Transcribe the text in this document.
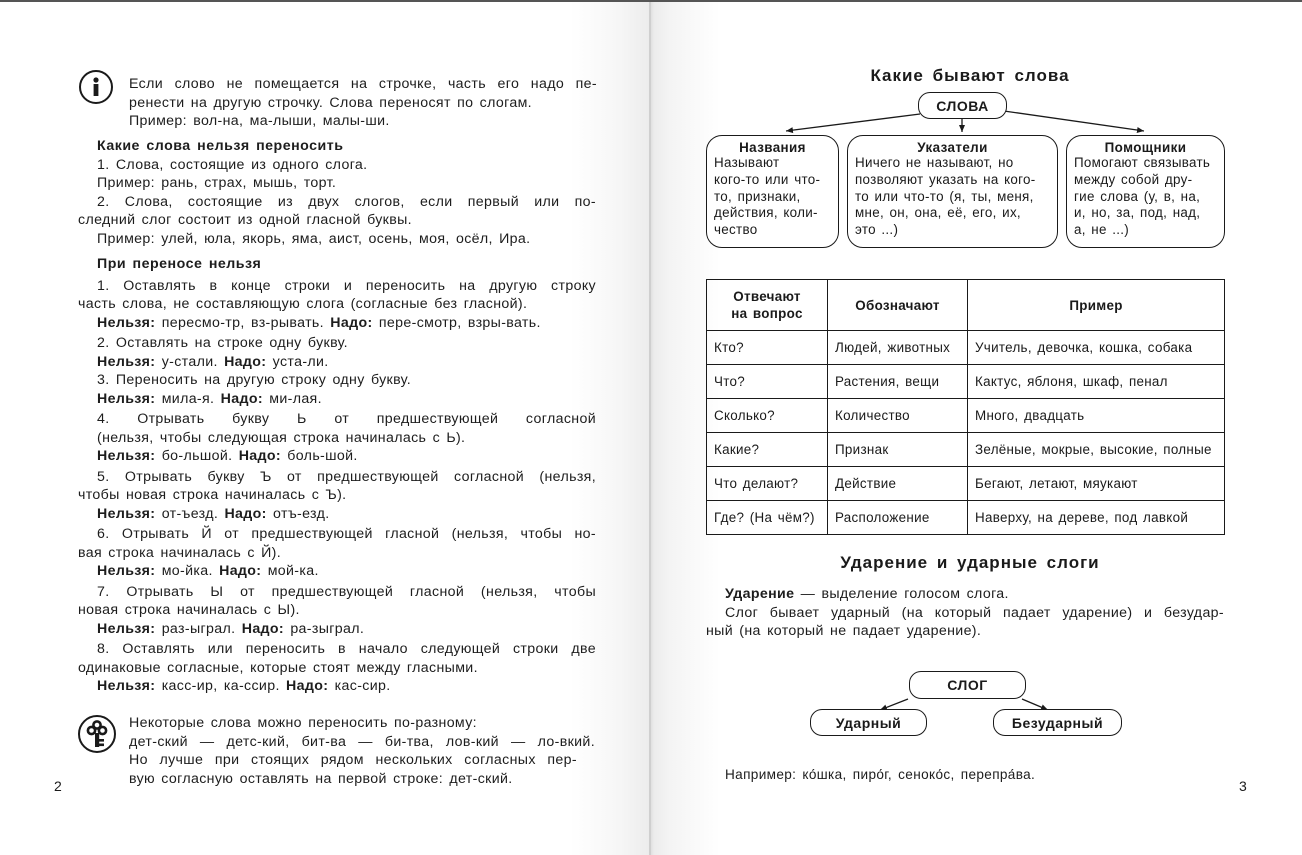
Если слово не помещается на строчке, часть его надо пе-
ренести на другую строчку. Слова переносят по слогам.
Пример: вол-на, ма-лыши, малы-ши.
Какие слова нельзя переносить
1. Слова, состоящие из одного слога.
Пример: рань, страх, мышь, торт.
2. Слова, состоящие из двух слогов, если первый или по-
следний слог состоит из одной гласной буквы.
Пример: улей, юла, якорь, яма, аист, осень, моя, осёл, Ира.
При переносе нельзя
1. Оставлять в конце строки и переносить на другую строку
часть слова, не составляющую слога (согласные без гласной).
Нельзя: пересмо-тр, вз-рывать. Надо: пере-смотр, взры-вать.
2. Оставлять на строке одну букву.
Нельзя: у-стали. Надо: уста-ли.
3. Переносить на другую строку одну букву.
Нельзя: мила-я. Надо: ми-лая.
4. Отрывать букву Ь от предшествующей согласной
(нельзя, чтобы следующая строка начиналась с Ь).
Нельзя: бо-льшой. Надо: боль-шой.
5. Отрывать букву Ъ от предшествующей согласной (нельзя,
чтобы новая строка начиналась с Ъ).
Нельзя: от-ъезд. Надо: отъ-езд.
6. Отрывать Й от предшествующей гласной (нельзя, чтобы но-
вая строка начиналась с Й).
Нельзя: мо-йка. Надо: мой-ка.
7. Отрывать Ы от предшествующей гласной (нельзя, чтобы
новая строка начиналась с Ы).
Нельзя: раз-ыграл. Надо: ра-зыграл.
8. Оставлять или переносить в начало следующей строки две
одинаковые согласные, которые стоят между гласными.
Нельзя: касс-ир, ка-ссир. Надо: кас-сир.
Некоторые слова можно переносить по-разному:
дет-ский — детс-кий, бит-ва — би-тва, лов-кий — ло-вкий.
Но лучше при стоящих рядом нескольких согласных пер-
вую согласную оставлять на первой строке: дет-ский.
2
Какие бывают слова
СЛОВА
Названия
Называют
кого-то или что-
то, признаки,
действия, коли-
чество
Указатели
Ничего не называют, но
позволяют указать на кого-
то или что-то (я, ты, меня,
мне, он, она, её, его, их,
это ...)
Помощники
Помогают связывать
между собой дру-
гие слова (у, в, на,
и, но, за, под, над,
а, не ...)
Отвечают
на вопрос	Обозначают	Пример
Кто?	Людей, животных	Учитель, девочка, кошка, собака
Что?	Растения, вещи	Кактус, яблоня, шкаф, пенал
Сколько?	Количество	Много, двадцать
Какие?	Признак	Зелёные, мокрые, высокие, полные
Что делают?	Действие	Бегают, летают, мяукают
Где? (На чём?)	Расположение	Наверху, на дереве, под лавкой
Ударение и ударные слоги
Ударение — выделение голосом слога.
Слог бывает ударный (на который падает ударение) и безудар-
ный (на который не падает ударение).
СЛОГ
Ударный	Безударный
Например: ко́шка, пиро́г, сеноко́с, перепра́ва.
3
